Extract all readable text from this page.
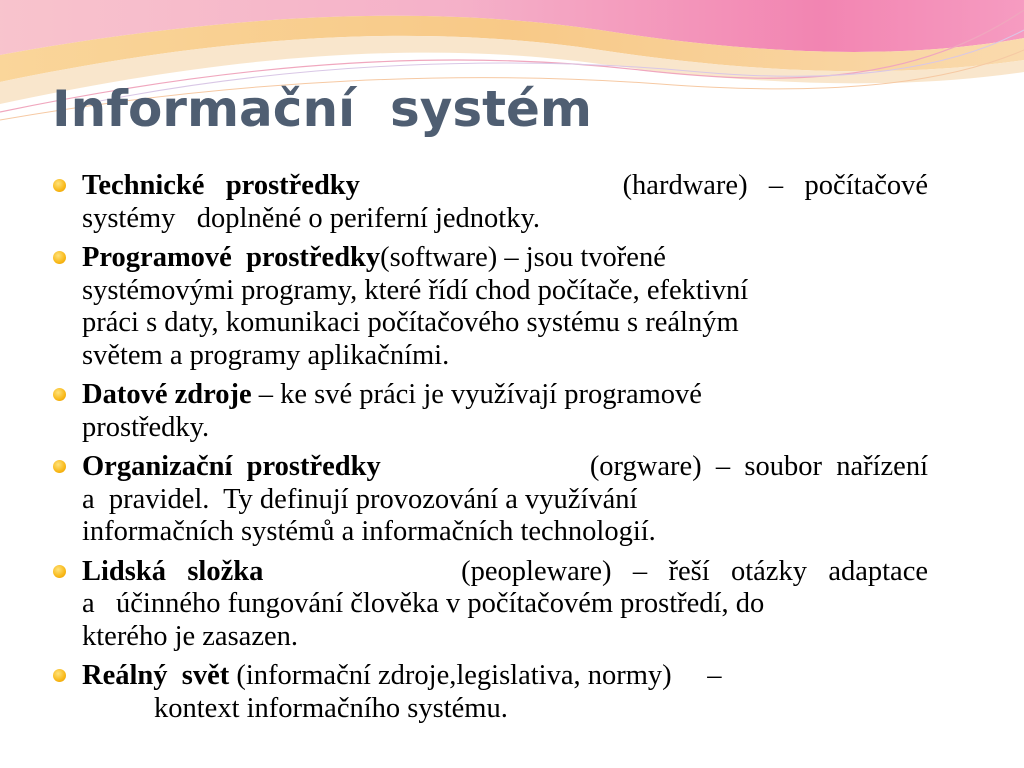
Informační  systém
Technické   prostředky	(hardware)   –   počítačové
systémy   doplněné o periferní jednotky.
Programové  prostředky(software) – jsou tvořené
systémovými programy, které řídí chod počítače, efektivní
práci s daty, komunikaci počítačového systému s reálným
světem a programy aplikačními.
Datové zdroje – ke své práci je využívají programové
prostředky.
Organizační  prostředky	(orgware)  –  soubor  nařízení
a  pravidel.  Ty definují provozování a využívání
informačních systémů a informačních technologií.
Lidská   složka	(peopleware)   –   řeší   otázky   adaptace
a   účinného fungování člověka v počítačovém prostředí, do
kterého je zasazen.
Reálný  svět (informační zdroje,legislativa, normy)     –
kontext informačního systému.
